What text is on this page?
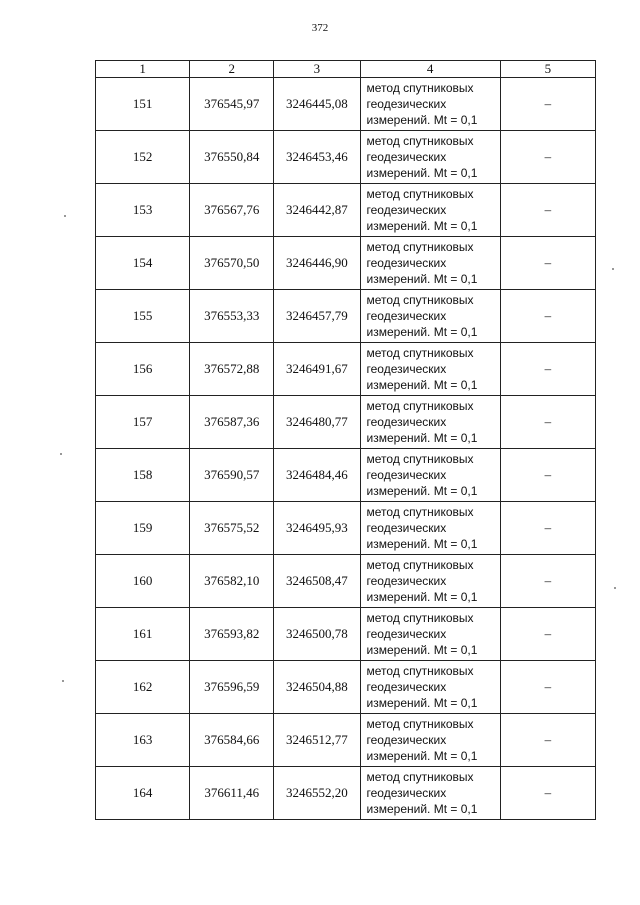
372
1	2	3	4	5
151	376545,97	3246445,08	метод спутниковых
геодезических
измерений. Mt = 0,1	–
152	376550,84	3246453,46	метод спутниковых
геодезических
измерений. Mt = 0,1	–
153	376567,76	3246442,87	метод спутниковых
геодезических
измерений. Mt = 0,1	–
154	376570,50	3246446,90	метод спутниковых
геодезических
измерений. Mt = 0,1	–
155	376553,33	3246457,79	метод спутниковых
геодезических
измерений. Mt = 0,1	–
156	376572,88	3246491,67	метод спутниковых
геодезических
измерений. Mt = 0,1	–
157	376587,36	3246480,77	метод спутниковых
геодезических
измерений. Mt = 0,1	–
158	376590,57	3246484,46	метод спутниковых
геодезических
измерений. Mt = 0,1	–
159	376575,52	3246495,93	метод спутниковых
геодезических
измерений. Mt = 0,1	–
160	376582,10	3246508,47	метод спутниковых
геодезических
измерений. Mt = 0,1	–
161	376593,82	3246500,78	метод спутниковых
геодезических
измерений. Mt = 0,1	–
162	376596,59	3246504,88	метод спутниковых
геодезических
измерений. Mt = 0,1	–
163	376584,66	3246512,77	метод спутниковых
геодезических
измерений. Mt = 0,1	–
164	376611,46	3246552,20	метод спутниковых
геодезических
измерений. Mt = 0,1	–
